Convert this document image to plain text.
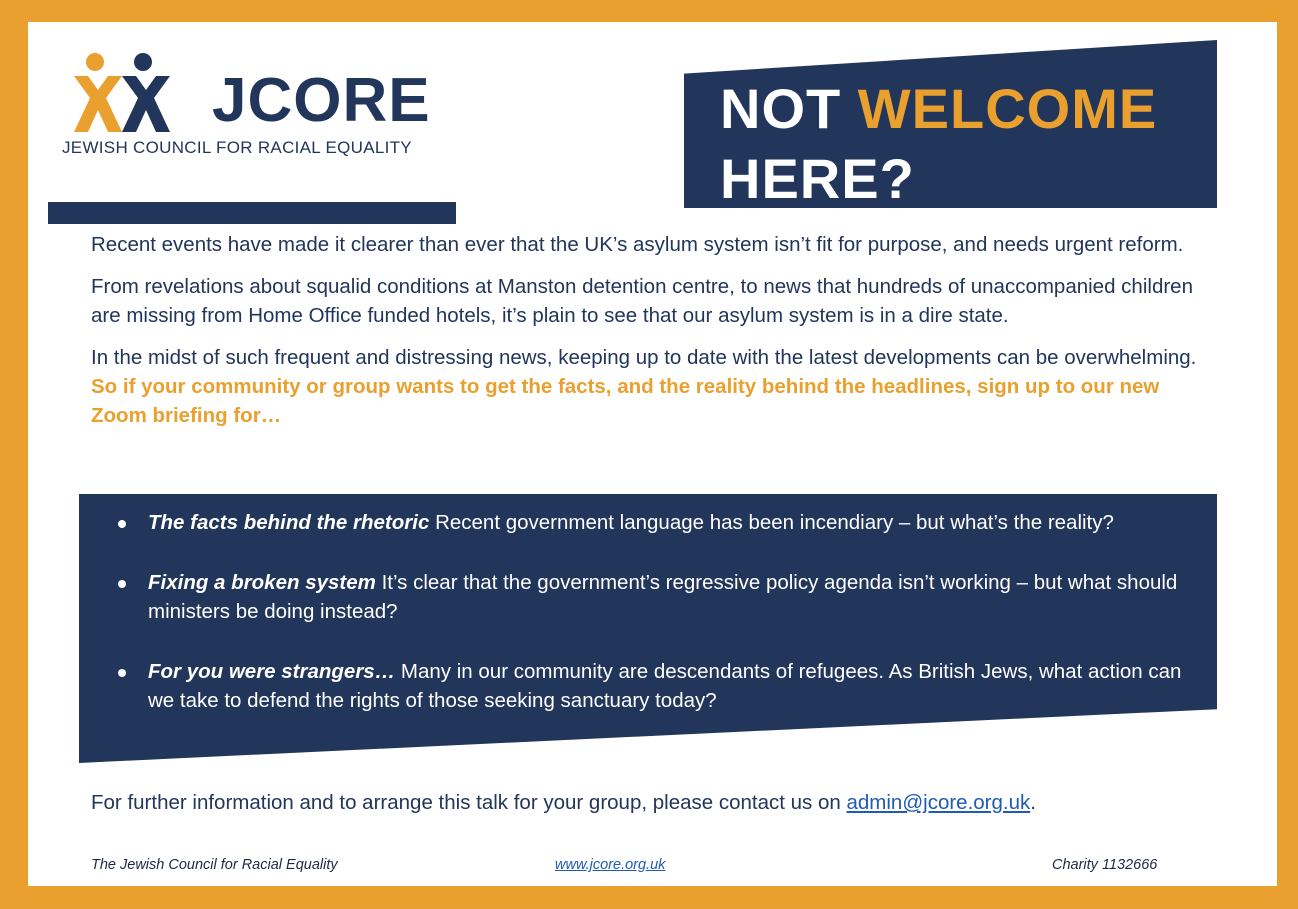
JCORE
JEWISH COUNCIL FOR RACIAL EQUALITY
NOT WELCOME
HERE?

Recent events have made it clearer than ever that the UK’s asylum system isn’t fit for purpose, and needs urgent reform.

From revelations about squalid conditions at Manston detention centre, to news that hundreds of unaccompanied children are missing from Home Office funded hotels, it’s plain to see that our asylum system is in a dire state.

In the midst of such frequent and distressing news, keeping up to date with the latest developments can be overwhelming. So if your community or group wants to get the facts, and the reality behind the headlines, sign up to our new Zoom briefing for…

The facts behind the rhetoric Recent government language has been incendiary – but what’s the reality?
Fixing a broken system It’s clear that the government’s regressive policy agenda isn’t working – but what should ministers be doing instead?
For you were strangers… Many in our community are descendants of refugees. As British Jews, what action can we take to defend the rights of those seeking sanctuary today?
For further information and to arrange this talk for your group, please contact us on admin@jcore.org.uk.
The Jewish Council for Racial Equality	www.jcore.org.uk	Charity 1132666
